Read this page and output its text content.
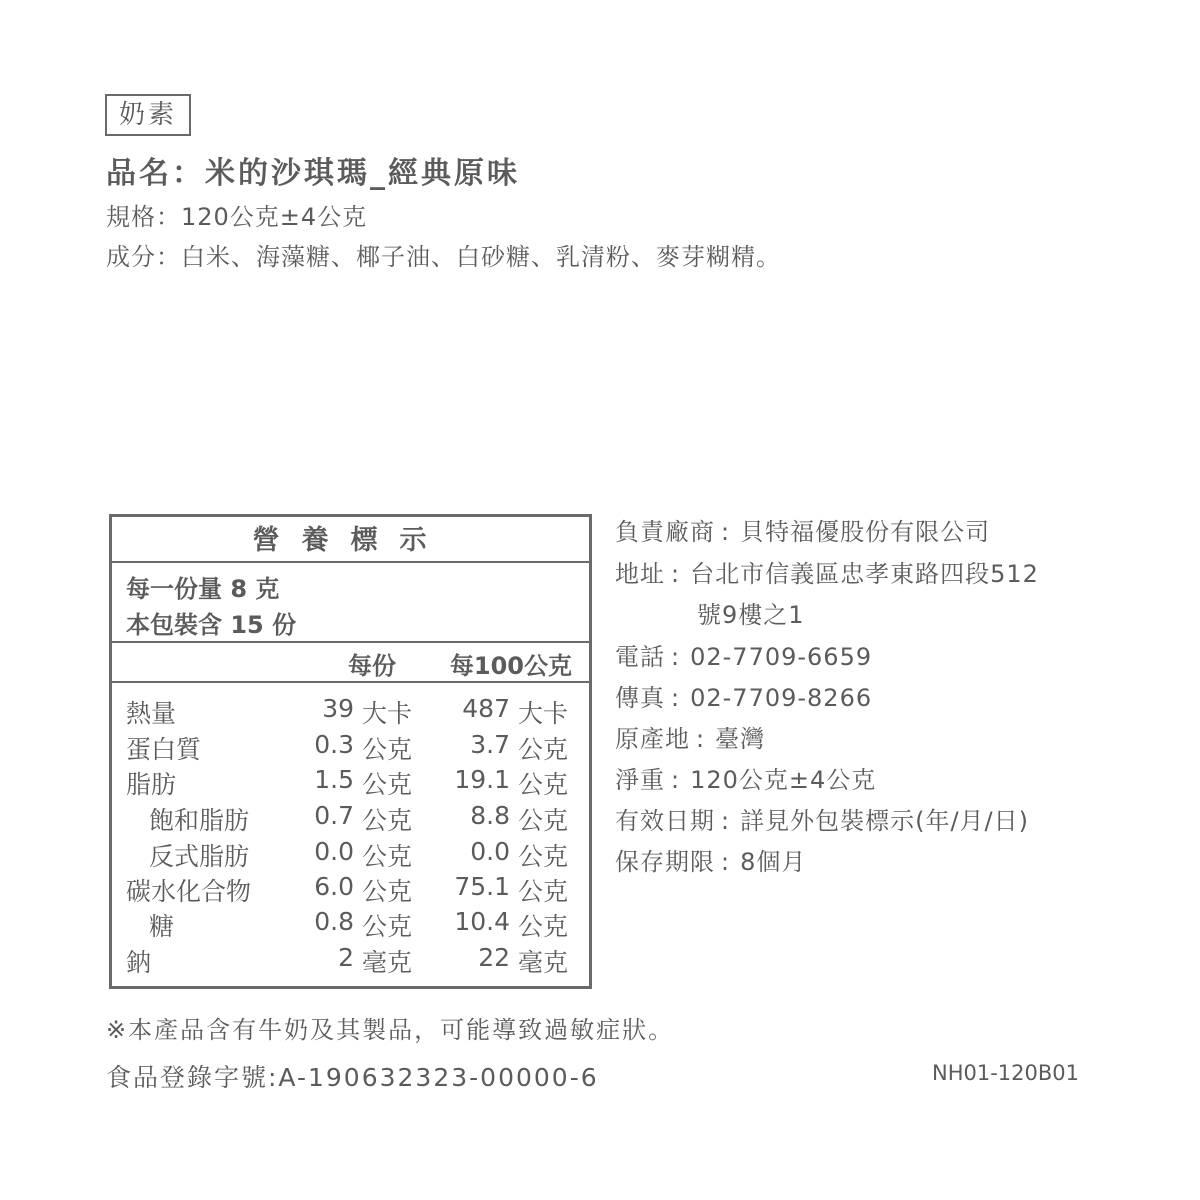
奶素
品名：米的沙琪瑪_經典原味
規格：120公克±4公克
成分：白米、海藻糖、椰子油、白砂糖、乳清粉、麥芽糊精。
營養標示
每一份量 8 克
本包裝含 15 份
每份	每100公克
熱量	39 大卡	487 大卡
蛋白質	0.3 公克	3.7 公克
脂肪	1.5 公克	19.1 公克
飽和脂肪	0.7 公克	8.8 公克
反式脂肪	0.0 公克	0.0 公克
碳水化合物	6.0 公克	75.1 公克
糖	0.8 公克	10.4 公克
鈉	2 毫克	22 毫克
負責廠商 : 貝特福優股份有限公司
地址 : 台北市信義區忠孝東路四段512
號9樓之1
電話 : 02-7709-6659
傳真 : 02-7709-8266
原產地 : 臺灣
淨重 : 120公克±4公克
有效日期 : 詳見外包裝標示(年/月/日)
保存期限 : 8個月
※本產品含有牛奶及其製品，可能導致過敏症狀。
食品登錄字號:A-190632323-00000-6	NH01-120B01
